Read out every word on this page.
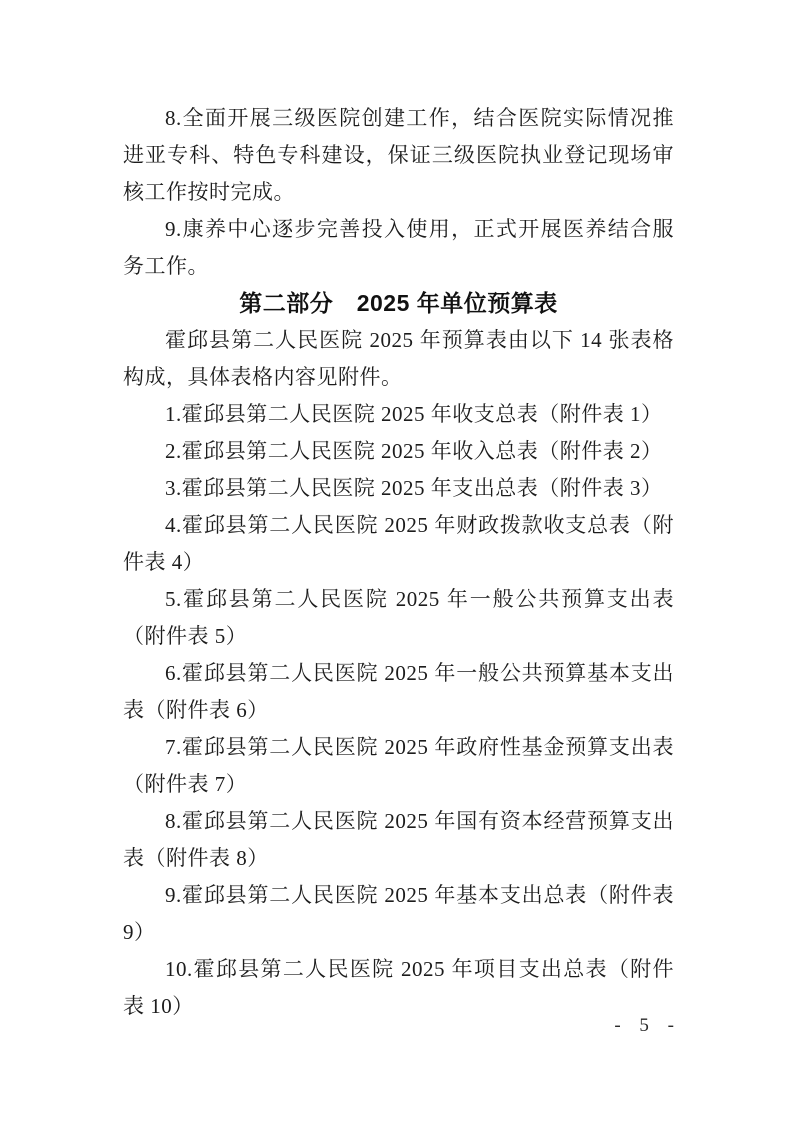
8.全面开展三级医院创建工作，结合医院实际情况推进亚专科、特色专科建设，保证三级医院执业登记现场审核工作按时完成。

9.康养中心逐步完善投入使用，正式开展医养结合服务工作。

第二部分　2025 年单位预算表

霍邱县第二人民医院 2025 年预算表由以下 14 张表格构成，具体表格内容见附件。

1.霍邱县第二人民医院 2025 年收支总表（附件表 1）

2.霍邱县第二人民医院 2025 年收入总表（附件表 2）

3.霍邱县第二人民医院 2025 年支出总表（附件表 3）

4.霍邱县第二人民医院 2025 年财政拨款收支总表（附件表 4）

5.霍邱县第二人民医院 2025 年一般公共预算支出表（附件表 5）

6.霍邱县第二人民医院 2025 年一般公共预算基本支出表（附件表 6）

7.霍邱县第二人民医院 2025 年政府性基金预算支出表（附件表 7）

8.霍邱县第二人民医院 2025 年国有资本经营预算支出表（附件表 8）

9.霍邱县第二人民医院 2025 年基本支出总表（附件表 9）

10.霍邱县第二人民医院 2025 年项目支出总表（附件表 10）

- 5 -
